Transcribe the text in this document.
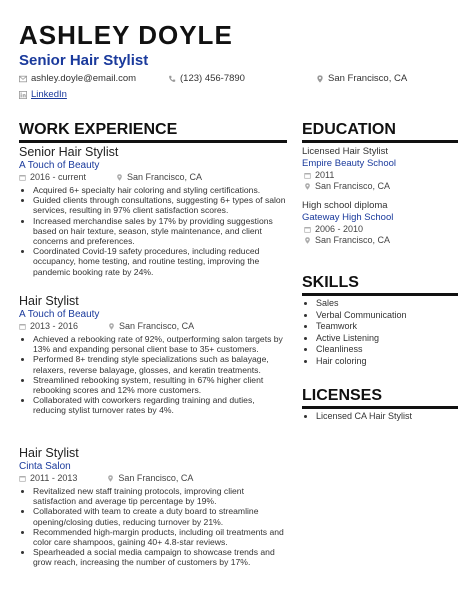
ASHLEY DOYLE
Senior Hair Stylist
ashley.doyle@email.com	(123) 456-7890	San Francisco, CA
LinkedIn
WORK EXPERIENCE
Senior Hair Stylist
A Touch of Beauty
2016 - current	San Francisco, CA
• Acquired 6+ specialty hair coloring and styling certifications.
• Guided clients through consultations, suggesting 6+ types of salon services, resulting in 97% client satisfaction scores.
• Increased merchandise sales by 17% by providing suggestions based on hair texture, season, style maintenance, and client concerns and preferences.
• Coordinated Covid-19 safety procedures, including reduced occupancy, home testing, and routine testing, improving the pandemic booking rate by 24%.
Hair Stylist
A Touch of Beauty
2013 - 2016	San Francisco, CA
• Achieved a rebooking rate of 92%, outperforming salon targets by 13% and expanding personal client base to 35+ customers.
• Performed 8+ trending style specializations such as balayage, relaxers, reverse balayage, glosses, and keratin treatments.
• Streamlined rebooking system, resulting in 67% higher client rebooking scores and 12% more customers.
• Collaborated with coworkers regarding training and duties, reducing stylist turnover rates by 4%.
Hair Stylist
Cinta Salon
2011 - 2013	San Francisco, CA
• Revitalized new staff training protocols, improving client satisfaction and average tip percentage by 19%.
• Collaborated with team to create a duty board to streamline opening/closing duties, reducing turnover by 21%.
• Recommended high-margin products, including oil treatments and color care shampoos, gaining 40+ 4.8-star reviews.
• Spearheaded a social media campaign to showcase trends and grow reach, increasing the number of customers by 17%.
EDUCATION
Licensed Hair Stylist
Empire Beauty School
2011
San Francisco, CA
High school diploma
Gateway High School
2006 - 2010
San Francisco, CA
SKILLS
• Sales
• Verbal Communication
• Teamwork
• Active Listening
• Cleanliness
• Hair coloring
LICENSES
• Licensed CA Hair Stylist
